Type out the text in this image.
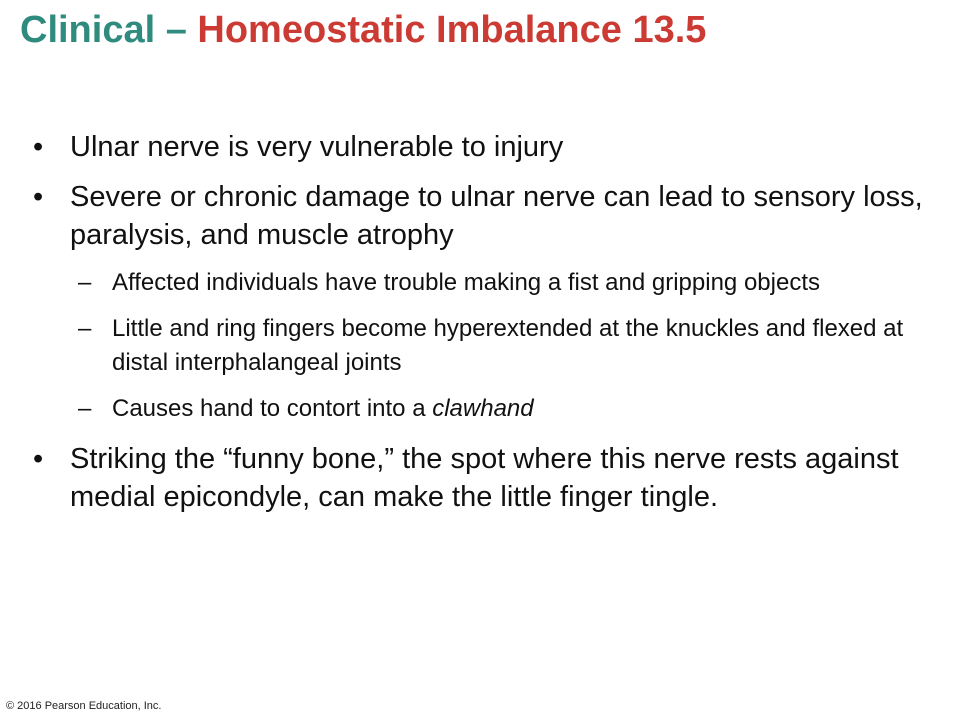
Clinical – Homeostatic Imbalance 13.5
• Ulnar nerve is very vulnerable to injury
• Severe or chronic damage to ulnar nerve can lead to sensory loss, paralysis, and muscle atrophy
– Affected individuals have trouble making a fist and gripping objects
– Little and ring fingers become hyperextended at the knuckles and flexed at distal interphalangeal joints
– Causes hand to contort into a clawhand
• Striking the “funny bone,” the spot where this nerve rests against medial epicondyle, can make the little finger tingle.
© 2016 Pearson Education, Inc.
